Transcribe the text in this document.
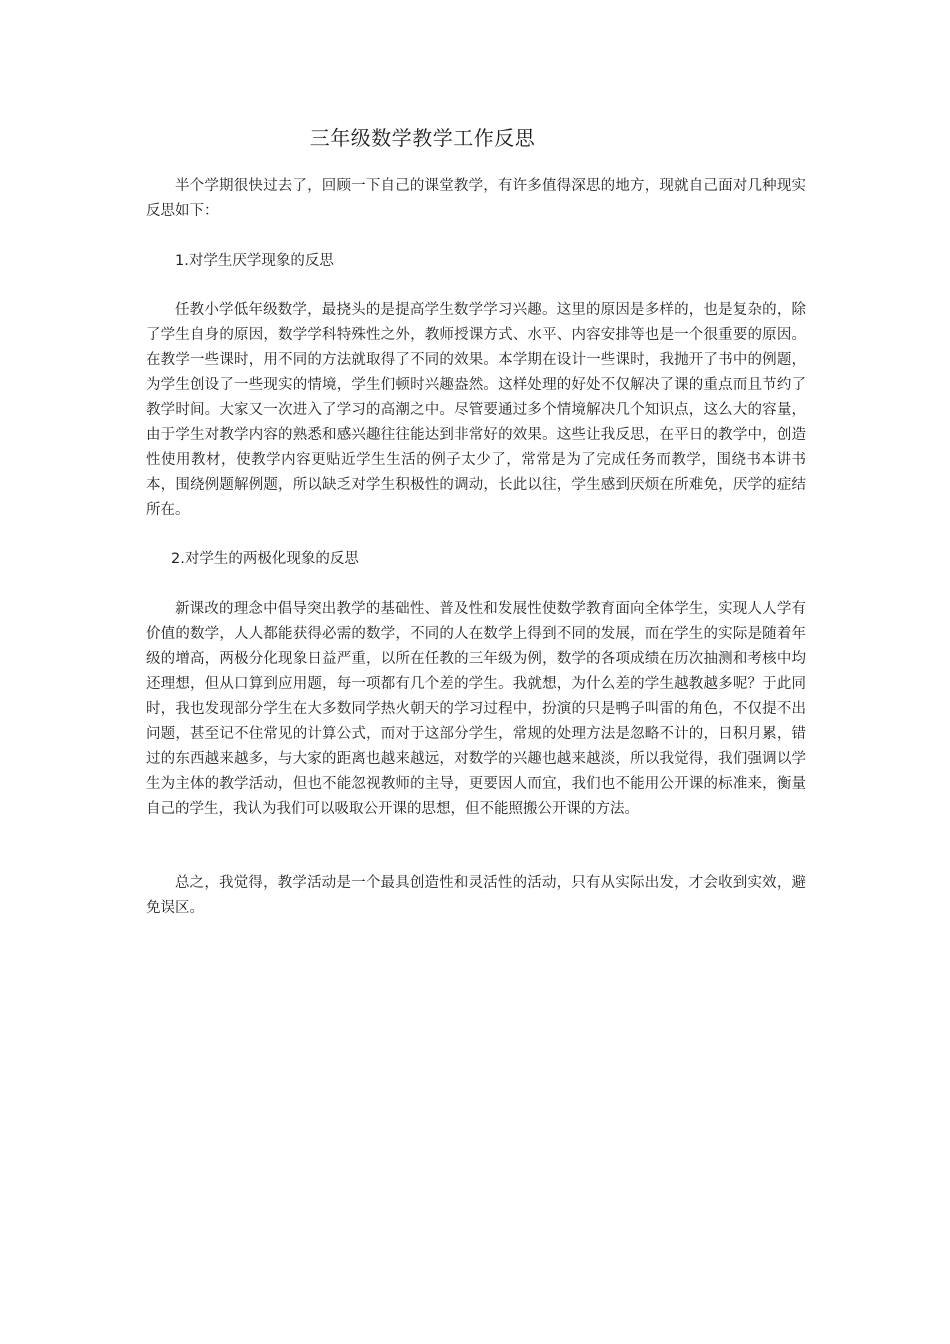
三年级数学教学工作反思

半个学期很快过去了，回顾一下自己的课堂教学，有许多值得深思的地方，现就自己面对几种现实反思如下：

1.对学生厌学现象的反思

任教小学低年级数学，最挠头的是提高学生数学学习兴趣。这里的原因是多样的，也是复杂的，除了学生自身的原因，数学学科特殊性之外，教师授课方式、水平、内容安排等也是一个很重要的原因。在教学一些课时，用不同的方法就取得了不同的效果。本学期在设计一些课时，我抛开了书中的例题，为学生创设了一些现实的情境，学生们顿时兴趣盎然。这样处理的好处不仅解决了课的重点而且节约了教学时间。大家又一次进入了学习的高潮之中。尽管要通过多个情境解决几个知识点，这么大的容量，由于学生对教学内容的熟悉和感兴趣往往能达到非常好的效果。这些让我反思，在平日的教学中，创造性使用教材，使教学内容更贴近学生生活的例子太少了，常常是为了完成任务而教学，围绕书本讲书本，围绕例题解例题，所以缺乏对学生积极性的调动，长此以往，学生感到厌烦在所难免，厌学的症结所在。

2.对学生的两极化现象的反思

新课改的理念中倡导突出教学的基础性、普及性和发展性使数学教育面向全体学生，实现人人学有价值的数学，人人都能获得必需的数学，不同的人在数学上得到不同的发展，而在学生的实际是随着年级的增高，两极分化现象日益严重，以所在任教的三年级为例，数学的各项成绩在历次抽测和考核中均还理想，但从口算到应用题，每一项都有几个差的学生。我就想，为什么差的学生越教越多呢？于此同时，我也发现部分学生在大多数同学热火朝天的学习过程中，扮演的只是鸭子叫雷的角色，不仅提不出问题，甚至记不住常见的计算公式，而对于这部分学生，常规的处理方法是忽略不计的，日积月累，错过的东西越来越多，与大家的距离也越来越远，对数学的兴趣也越来越淡，所以我觉得，我们强调以学生为主体的教学活动，但也不能忽视教师的主导，更要因人而宜，我们也不能用公开课的标准来，衡量自己的学生，我认为我们可以吸取公开课的思想，但不能照搬公开课的方法。

总之，我觉得，教学活动是一个最具创造性和灵活性的活动，只有从实际出发，才会收到实效，避免误区。
